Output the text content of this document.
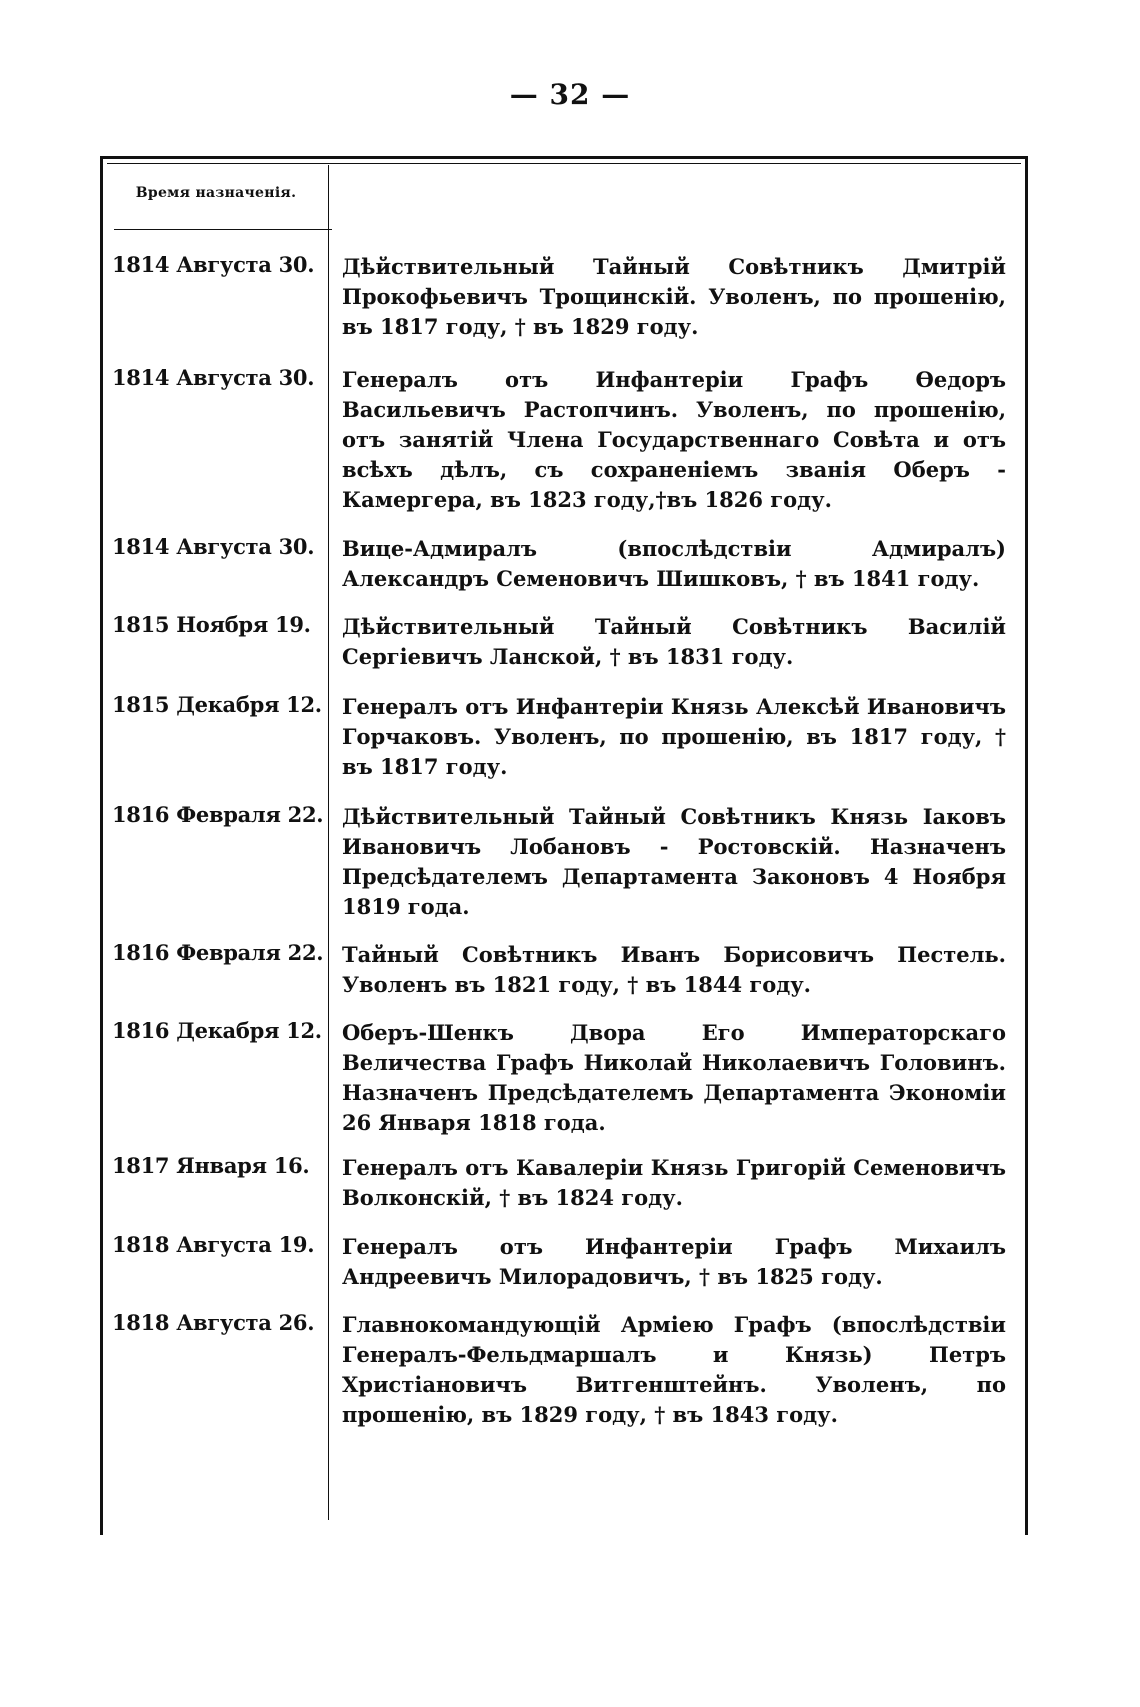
— 32 —
Время назначенія.
1814 Августа 30.	Дѣйствительный Тайный Совѣтникъ Дмитрій Прокофьевичъ Трощинскій. Уволенъ, по прошенію, въ 1817 году, † въ 1829 году.
1814 Августа 30.	Генералъ отъ Инфантеріи Графъ Ѳедоръ Васильевичъ Растопчинъ. Уволенъ, по прошенію, отъ занятій Члена Государственнаго Совѣта и отъ всѣхъ дѣлъ, съ сохраненіемъ званія Оберъ - Камергера, въ 1823 году,†въ 1826 году.
1814 Августа 30.	Вице-Адмиралъ (впослѣдствіи Адмиралъ) Александръ Семеновичъ Шишковъ, † въ 1841 году.
1815 Ноября 19.	Дѣйствительный Тайный Совѣтникъ Василій Сергіевичъ Ланской, † въ 1831 году.
1815 Декабря 12. Генералъ отъ Инфантеріи Князь Алексѣй Ивановичъ Горчаковъ. Уволенъ, по прошенію, въ 1817 году, † въ 1817 году.
1816 Февраля 22. Дѣйствительный Тайный Совѣтникъ Князь Іаковъ Ивановичъ Лобановъ - Ростовскій. Назначенъ Предсѣдателемъ Департамента Законовъ 4 Ноября 1819 года.
1816 Февраля 22. Тайный Совѣтникъ Иванъ Борисовичъ Пестель. Уволенъ въ 1821 году, † въ 1844 году.
1816 Декабря 12. Оберъ-Шенкъ Двора Его Императорскаго Величества Графъ Николай Николаевичъ Головинъ. Назначенъ Предсѣдателемъ Департамента Экономіи 26 Января 1818 года.
1817 Января 16.	Генералъ отъ Кавалеріи Князь Григорій Семеновичъ Волконскій, † въ 1824 году.
1818 Августа 19.	Генералъ отъ Инфантеріи Графъ Михаилъ Андреевичъ Милорадовичъ, † въ 1825 году.
1818 Августа 26.	Главнокомандующій Арміею Графъ (впослѣдствіи Генералъ-Фельдмаршалъ и Князь) Петръ Христіановичъ Витгенштейнъ. Уволенъ, по прошенію, въ 1829 году, † въ 1843 году.
